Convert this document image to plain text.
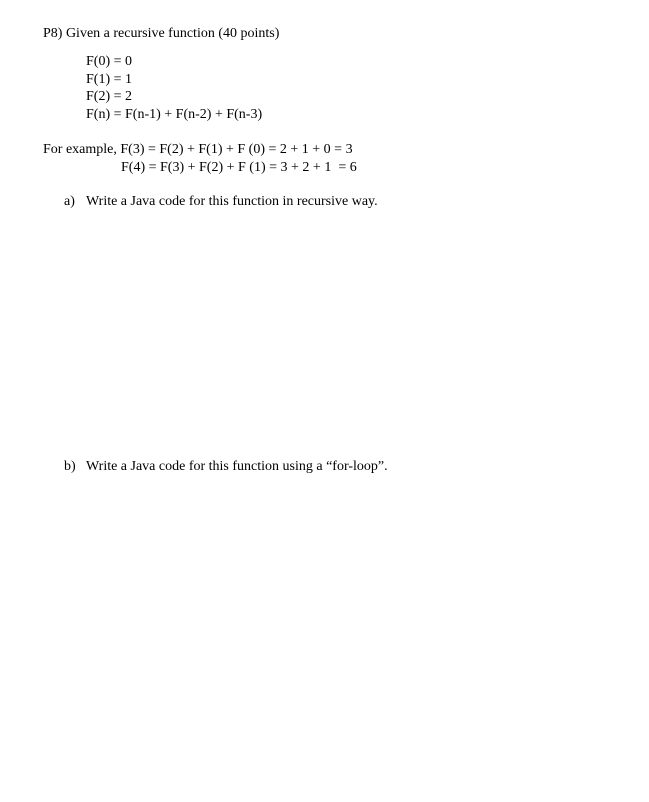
P8) Given a recursive function (40 points)
F(0) = 0
F(1) = 1
F(2) = 2
F(n) = F(n-1) + F(n-2) + F(n-3)
For example, F(3) = F(2) + F(1) + F (0) = 2 + 1 + 0 = 3
F(4) = F(3) + F(2) + F (1) = 3 + 2 + 1  = 6
a) Write a Java code for this function in recursive way.
b) Write a Java code for this function using a “for-loop”.
